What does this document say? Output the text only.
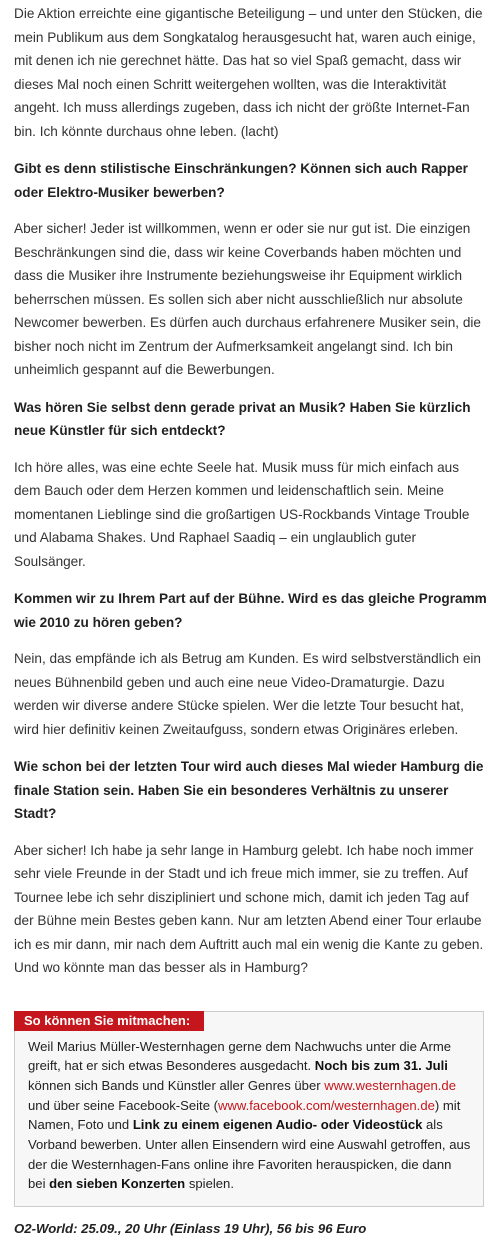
Die Aktion erreichte eine gigantische Beteiligung – und unter den Stücken, die mein Publikum aus dem Songkatalog herausgesucht hat, waren auch einige, mit denen ich nie gerechnet hätte. Das hat so viel Spaß gemacht, dass wir dieses Mal noch einen Schritt weitergehen wollten, was die Interaktivität angeht. Ich muss allerdings zugeben, dass ich nicht der größte Internet-Fan bin. Ich könnte durchaus ohne leben. (lacht)

Gibt es denn stilistische Einschränkungen? Können sich auch Rapper oder Elektro-Musiker bewerben?

Aber sicher! Jeder ist willkommen, wenn er oder sie nur gut ist. Die einzigen Beschränkungen sind die, dass wir keine Coverbands haben möchten und dass die Musiker ihre Instrumente beziehungsweise ihr Equipment wirklich beherrschen müssen. Es sollen sich aber nicht ausschließlich nur absolute Newcomer bewerben. Es dürfen auch durchaus erfahrenere Musiker sein, die bisher noch nicht im Zentrum der Aufmerksamkeit angelangt sind. Ich bin unheimlich gespannt auf die Bewerbungen.

Was hören Sie selbst denn gerade privat an Musik? Haben Sie kürzlich neue Künstler für sich entdeckt?

Ich höre alles, was eine echte Seele hat. Musik muss für mich einfach aus dem Bauch oder dem Herzen kommen und leidenschaftlich sein. Meine momentanen Lieblinge sind die großartigen US-Rockbands Vintage Trouble und Alabama Shakes. Und Raphael Saadiq – ein unglaublich guter Soulsänger.

Kommen wir zu Ihrem Part auf der Bühne. Wird es das gleiche Programm wie 2010 zu hören geben?

Nein, das empfände ich als Betrug am Kunden. Es wird selbstverständlich ein neues Bühnenbild geben und auch eine neue Video-Dramaturgie. Dazu werden wir diverse andere Stücke spielen. Wer die letzte Tour besucht hat, wird hier definitiv keinen Zweitaufguss, sondern etwas Originäres erleben.

Wie schon bei der letzten Tour wird auch dieses Mal wieder Hamburg die finale Station sein. Haben Sie ein besonderes Verhältnis zu unserer Stadt?

Aber sicher! Ich habe ja sehr lange in Hamburg gelebt. Ich habe noch immer sehr viele Freunde in der Stadt und ich freue mich immer, sie zu treffen. Auf Tournee lebe ich sehr diszipliniert und schone mich, damit ich jeden Tag auf der Bühne mein Bestes geben kann. Nur am letzten Abend einer Tour erlaube ich es mir dann, mir nach dem Auftritt auch mal ein wenig die Kante zu geben. Und wo könnte man das besser als in Hamburg?

So können Sie mitmachen:

Weil Marius Müller-Westernhagen gerne dem Nachwuchs unter die Arme greift, hat er sich etwas Besonderes ausgedacht. Noch bis zum 31. Juli können sich Bands und Künstler aller Genres über www.westernhagen.de und über seine Facebook-Seite (www.facebook.com/westernhagen.de) mit Namen, Foto und Link zu einem eigenen Audio- oder Videostück als Vorband bewerben. Unter allen Einsendern wird eine Auswahl getroffen, aus der die Westernhagen-Fans online ihre Favoriten herauspicken, die dann bei den sieben Konzerten spielen.

O2-World: 25.09., 20 Uhr (Einlass 19 Uhr), 56 bis 96 Euro
